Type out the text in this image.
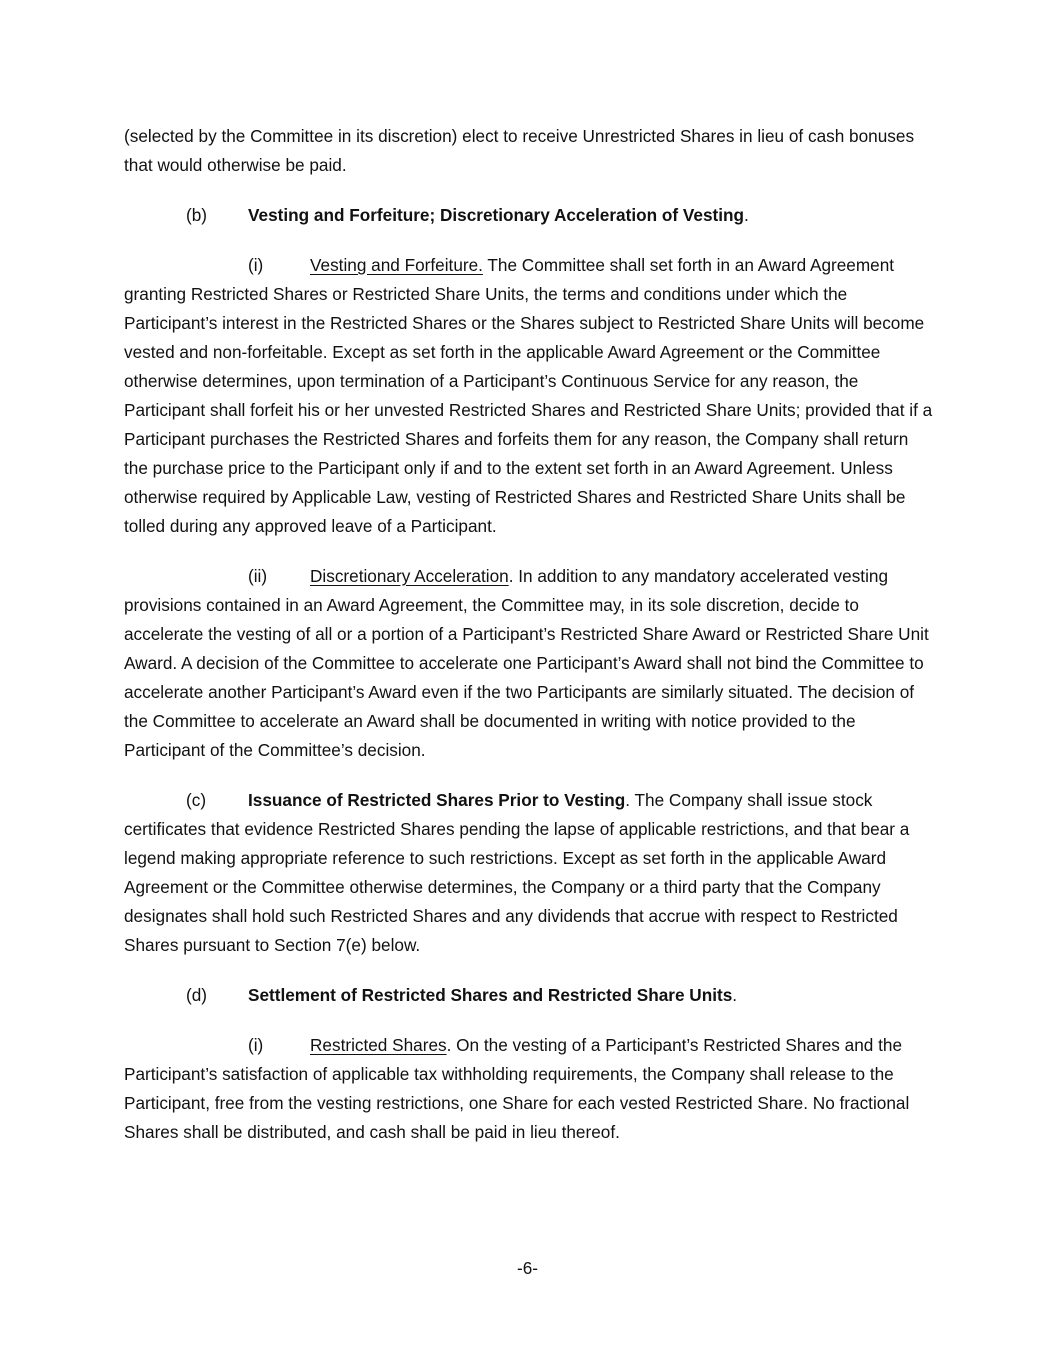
(selected by the Committee in its discretion) elect to receive Unrestricted Shares in lieu of cash bonuses that would otherwise be paid.

(b) Vesting and Forfeiture; Discretionary Acceleration of Vesting.

(i)	Vesting and Forfeiture. The Committee shall set forth in an Award Agreement granting Restricted Shares or Restricted Share Units, the terms and conditions under which the Participant’s interest in the Restricted Shares or the Shares subject to Restricted Share Units will become vested and non-forfeitable. Except as set forth in the applicable Award Agreement or the Committee otherwise determines, upon termination of a Participant’s Continuous Service for any reason, the Participant shall forfeit his or her unvested Restricted Shares and Restricted Share Units; provided that if a Participant purchases the Restricted Shares and forfeits them for any reason, the Company shall return the purchase price to the Participant only if and to the extent set forth in an Award Agreement. Unless otherwise required by Applicable Law, vesting of Restricted Shares and Restricted Share Units shall be tolled during any approved leave of a Participant.

(ii) Discretionary Acceleration. In addition to any mandatory accelerated vesting provisions contained in an Award Agreement, the Committee may, in its sole discretion, decide to accelerate the vesting of all or a portion of a Participant’s Restricted Share Award or Restricted Share Unit Award. A decision of the Committee to accelerate one Participant’s Award shall not bind the Committee to accelerate another Participant’s Award even if the two Participants are similarly situated. The decision of the Committee to accelerate an Award shall be documented in writing with notice provided to the Participant of the Committee’s decision.

(c) Issuance of Restricted Shares Prior to Vesting. The Company shall issue stock certificates that evidence Restricted Shares pending the lapse of applicable restrictions, and that bear a legend making appropriate reference to such restrictions. Except as set forth in the applicable Award Agreement or the Committee otherwise determines, the Company or a third party that the Company designates shall hold such Restricted Shares and any dividends that accrue with respect to Restricted Shares pursuant to Section 7(e) below.

(d) Settlement of Restricted Shares and Restricted Share Units.

(i)	Restricted Shares. On the vesting of a Participant’s Restricted Shares and the Participant’s satisfaction of applicable tax withholding requirements, the Company shall release to the Participant, free from the vesting restrictions, one Share for each vested Restricted Share. No fractional Shares shall be distributed, and cash shall be paid in lieu thereof.

-6-
